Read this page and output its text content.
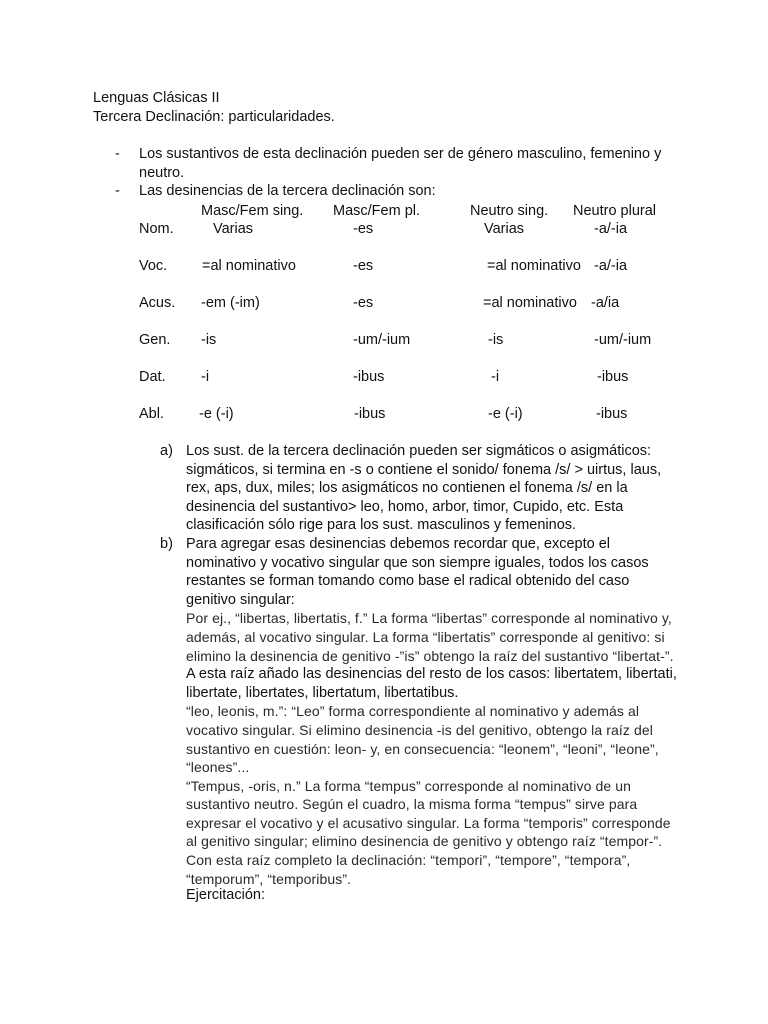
Lenguas Clásicas II
Tercera Declinación: particularidades.
- Los sustantivos de esta declinación pueden ser de género masculino, femenino y neutro.
- Las desinencias de la tercera declinación son:
Masc/Fem sing. Masc/Fem pl.	Neutro sing. Neutro plural
Nom.	Varias	-es	Varias	-a/-ia
Voc. =al nominativo	-es	=al nominativo -a/-ia
Acus. -em (-im)	-es	=al nominativo -a/ia
Gen. -is	-um/-ium	-is	-um/-ium
Dat. -i	-ibus	-i	-ibus
Abl. -e (-i)	-ibus	-e (-i)	-ibus
a) Los sust. de la tercera declinación pueden ser sigmáticos o asigmáticos: sigmáticos, si termina en -s o contiene el sonido/ fonema /s/ > uirtus, laus, rex, aps, dux, miles; los asigmáticos no contienen el fonema /s/ en la desinencia del sustantivo> leo, homo, arbor, timor, Cupido, etc. Esta clasificación sólo rige para los sust. masculinos y femeninos.

b) Para agregar esas desinencias debemos recordar que, excepto el nominativo y vocativo singular que son siempre iguales, todos los casos restantes se forman tomando como base el radical obtenido del caso genitivo singular:

Por ej., “libertas, libertatis, f.” La forma “libertas” corresponde al nominativo y, además, al vocativo singular. La forma “libertatis” corresponde al genitivo: si elimino la desinencia de genitivo -”is” obtengo la raíz del sustantivo “libertat-”.

A esta raíz añado las desinencias del resto de los casos: libertatem, libertati, libertate, libertates, libertatum, libertatibus.

“leo, leonis, m.”: “Leo” forma correspondiente al nominativo y además al vocativo singular. Si elimino desinencia -is del genitivo, obtengo la raíz del sustantivo en cuestión: leon- y, en consecuencia: “leonem”, “leoni”, “leone”, “leones”...

“Tempus, -oris, n.” La forma “tempus” corresponde al nominativo de un sustantivo neutro. Según el cuadro, la misma forma “tempus” sirve para expresar el vocativo y el acusativo singular. La forma “temporis” corresponde al genitivo singular; elimino desinencia de genitivo y obtengo raíz “tempor-”. Con esta raíz completo la declinación: “tempori”, “tempore”, “tempora”, “temporum”, “temporibus”.

Ejercitación:
